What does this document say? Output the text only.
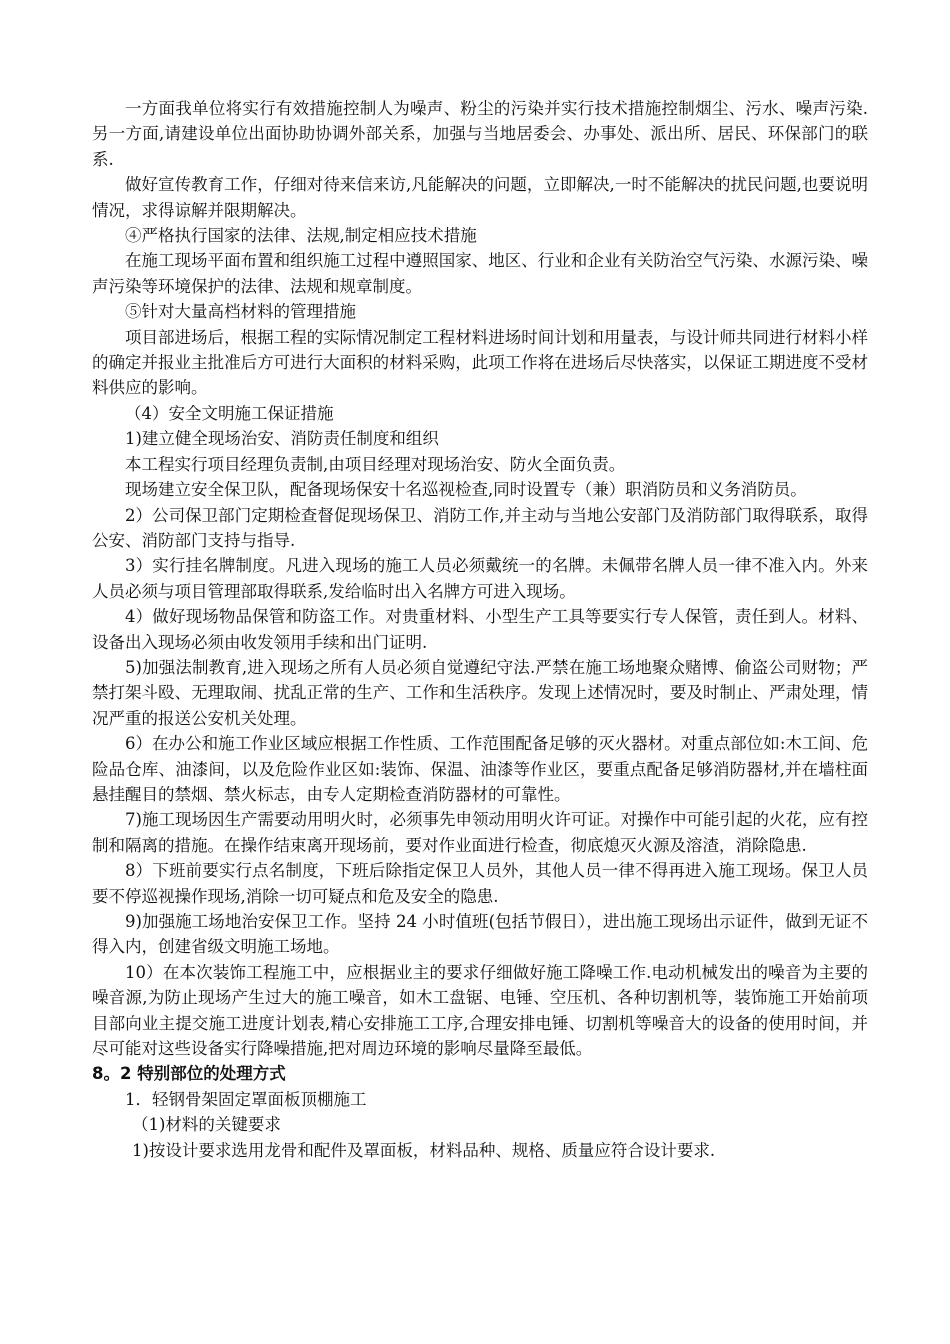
一方面我单位将实行有效措施控制人为噪声、粉尘的污染并实行技术措施控制烟尘、污水、噪声污染.另一方面,请建设单位出面协助协调外部关系，加强与当地居委会、办事处、派出所、居民、环保部门的联系.

做好宣传教育工作，仔细对待来信来访,凡能解决的问题，立即解决,一时不能解决的扰民问题,也要说明情况，求得谅解并限期解决。

④严格执行国家的法律、法规,制定相应技术措施

在施工现场平面布置和组织施工过程中遵照国家、地区、行业和企业有关防治空气污染、水源污染、噪声污染等环境保护的法律、法规和规章制度。

⑤针对大量高档材料的管理措施

项目部进场后，根据工程的实际情况制定工程材料进场时间计划和用量表，与设计师共同进行材料小样的确定并报业主批准后方可进行大面积的材料采购，此项工作将在进场后尽快落实，以保证工期进度不受材料供应的影响。

（4）安全文明施工保证措施

1)建立健全现场治安、消防责任制度和组织

本工程实行项目经理负责制,由项目经理对现场治安、防火全面负责。

现场建立安全保卫队，配备现场保安十名巡视检查,同时设置专（兼）职消防员和义务消防员。

2）公司保卫部门定期检查督促现场保卫、消防工作,并主动与当地公安部门及消防部门取得联系，取得公安、消防部门支持与指导.

3）实行挂名牌制度。凡进入现场的施工人员必须戴统一的名牌。未佩带名牌人员一律不准入内。外来人员必须与项目管理部取得联系,发给临时出入名牌方可进入现场。

4）做好现场物品保管和防盗工作。对贵重材料、小型生产工具等要实行专人保管，责任到人。材料、设备出入现场必须由收发领用手续和出门证明.

5)加强法制教育,进入现场之所有人员必须自觉遵纪守法.严禁在施工场地聚众赌博、偷盗公司财物；严禁打架斗殴、无理取闹、扰乱正常的生产、工作和生活秩序。发现上述情况时，要及时制止、严肃处理，情况严重的报送公安机关处理。

6）在办公和施工作业区域应根据工作性质、工作范围配备足够的灭火器材。对重点部位如:木工间、危险品仓库、油漆间，以及危险作业区如:装饰、保温、油漆等作业区，要重点配备足够消防器材,并在墙柱面悬挂醒目的禁烟、禁火标志，由专人定期检查消防器材的可靠性。

7)施工现场因生产需要动用明火时，必须事先申领动用明火许可证。对操作中可能引起的火花，应有控制和隔离的措施。在操作结束离开现场前，要对作业面进行检查，彻底熄灭火源及溶渣，消除隐患.

8）下班前要实行点名制度，下班后除指定保卫人员外，其他人员一律不得再进入施工现场。保卫人员要不停巡视操作现场,消除一切可疑点和危及安全的隐患.

9)加强施工场地治安保卫工作。坚持 24 小时值班(包括节假日），进出施工现场出示证件，做到无证不得入内，创建省级文明施工场地。

10）在本次装饰工程施工中，应根据业主的要求仔细做好施工降噪工作.电动机械发出的噪音为主要的噪音源,为防止现场产生过大的施工噪音，如木工盘锯、电锤、空压机、各种切割机等，装饰施工开始前项目部向业主提交施工进度计划表,精心安排施工工序,合理安排电锤、切割机等噪音大的设备的使用时间，并尽可能对这些设备实行降噪措施,把对周边环境的影响尽量降至最低。

8。2 特别部位的处理方式

1．轻钢骨架固定罩面板顶棚施工

（1)材料的关键要求

1)按设计要求选用龙骨和配件及罩面板，材料品种、规格、质量应符合设计要求.
